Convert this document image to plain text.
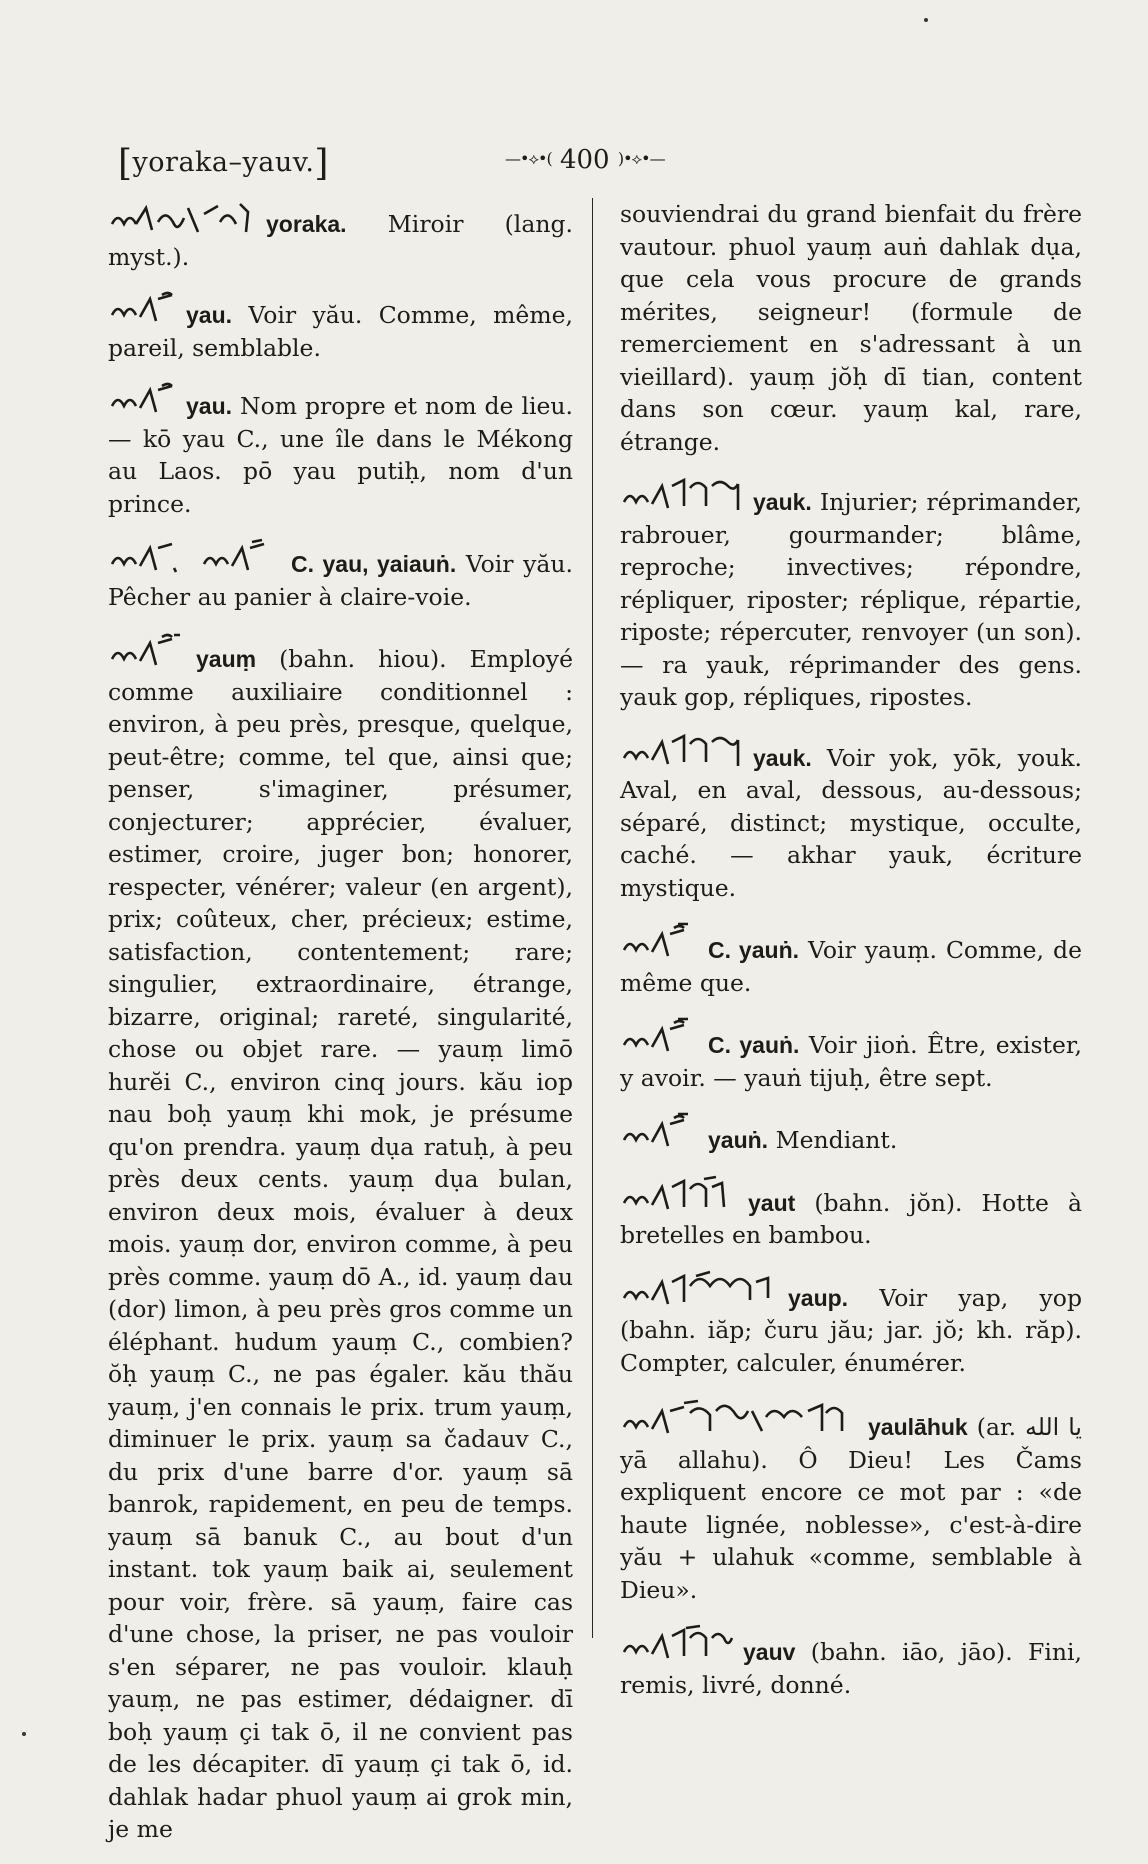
[yoraka–yauv.]	—•⟡•( 400 )•⟡•—

yoraka. Miroir (lang. myst.).

yau. Voir yău. Comme, même, pareil, semblable.

yau. Nom propre et nom de lieu. — kō yau C., une île dans le Mékong au Laos. pō yau putiḥ, nom d'un prince.

C. yau, yaiauṅ. Voir yău. Pêcher au panier à claire-voie.

yauṃ (bahn. hiou). Employé comme auxiliaire conditionnel : environ, à peu près, presque, quelque, peut-être; comme, tel que, ainsi que; penser, s'imaginer, présumer, conjecturer; apprécier, évaluer, estimer, croire, juger bon; honorer, respecter, vénérer; valeur (en argent), prix; coûteux, cher, précieux; estime, satisfaction, contentement; rare; singulier, extraordinaire, étrange, bizarre, original; rareté, singularité, chose ou objet rare. — yauṃ limō hurĕi C., environ cinq jours. kău iop nau boḥ yauṃ khi mok, je présume qu'on prendra. yauṃ dụa ratuḥ, à peu près deux cents. yauṃ dụa bulan, environ deux mois, évaluer à deux mois. yauṃ dor, environ comme, à peu près comme. yauṃ dō A., id. yauṃ dau (dor) limon, à peu près gros comme un éléphant. hudum yauṃ C., combien? ŏḥ yauṃ C., ne pas égaler. kău thău yauṃ, j'en connais le prix. trum yauṃ, diminuer le prix. yauṃ sa čadauv C., du prix d'une barre d'or. yauṃ sā banrok, rapidement, en peu de temps. yauṃ sā banuk C., au bout d'un instant. tok yauṃ baik ai, seulement pour voir, frère. sā yauṃ, faire cas d'une chose, la priser, ne pas vouloir s'en séparer, ne pas vouloir. klauḥ yauṃ, ne pas estimer, dédaigner. dī boḥ yauṃ çi tak ō, il ne convient pas de les décapiter. dī yauṃ çi tak ō, id. dahlak hadar phuol yauṃ ai grok min, je me

souviendrai du grand bienfait du frère vautour. phuol yauṃ auṅ dahlak dụa, que cela vous procure de grands mérites, seigneur! (formule de remerciement en s'adressant à un vieillard). yauṃ jŏḥ dī tian, content dans son cœur. yauṃ kal, rare, étrange.

yauk. Injurier; réprimander, rabrouer, gourmander; blâme, reproche; invectives; répondre, répliquer, riposter; réplique, répartie, riposte; répercuter, renvoyer (un son). — ra yauk, réprimander des gens. yauk gop, répliques, ripostes.

yauk. Voir yok, yōk, youk. Aval, en aval, dessous, au-dessous; séparé, distinct; mystique, occulte, caché. — akhar yauk, écriture mystique.

C. yauṅ. Voir yauṃ. Comme, de même que.

C. yauṅ. Voir jioṅ. Être, exister, y avoir. — yauṅ tijuḥ, être sept.

yauṅ. Mendiant.

yaut (bahn. jŏn). Hotte à bretelles en bambou.

yaup. Voir yap, yop (bahn. iăp; čuru jău; jar. jŏ; kh. răp). Compter, calculer, énumérer.

yaulāhuk (ar. يا الله yā allahu). Ô Dieu! Les Čams expliquent encore ce mot par : «de haute lignée, noblesse», c'est-à-dire yău + ulahuk «comme, semblable à Dieu».

yauv (bahn. iāo, jāo). Fini, remis, livré, donné.
